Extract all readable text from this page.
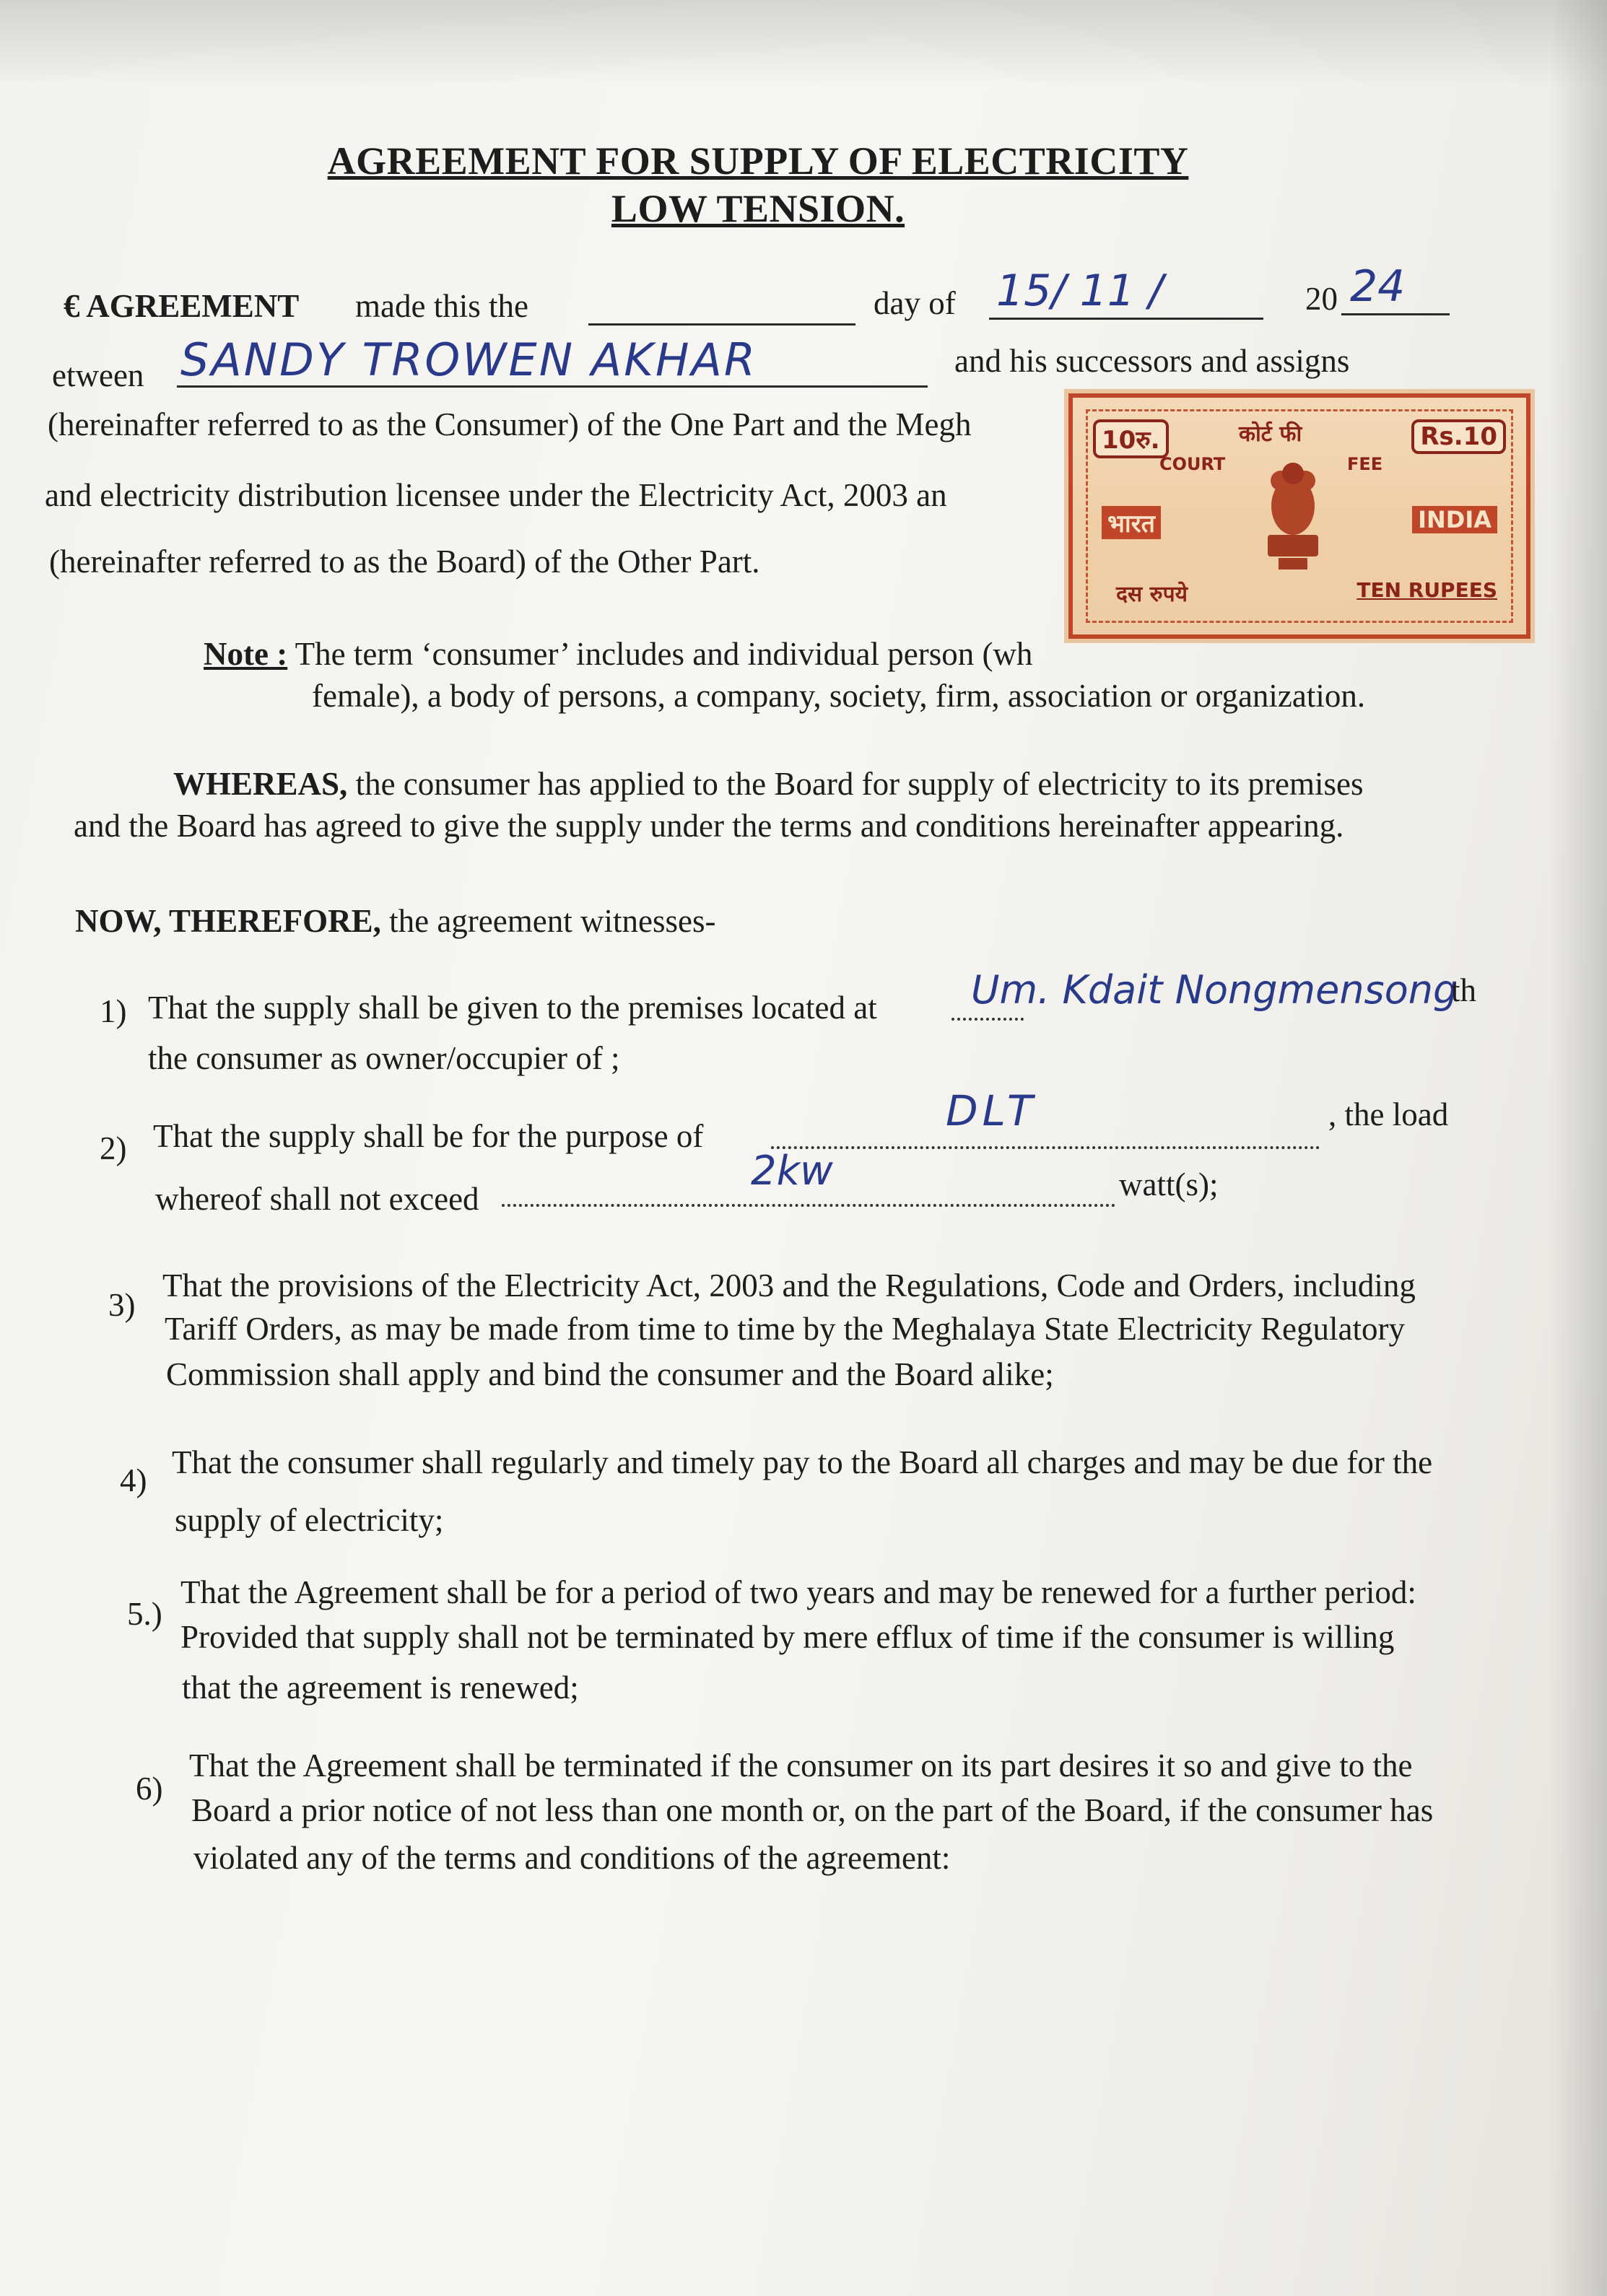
AGREEMENT FOR SUPPLY OF ELECTRICITY
LOW TENSION.
€ AGREEMENT made this the	day of 15/ 11 /	20 24
etween SANDY TROWEN AKHAR	and his successors and assigns
(hereinafter referred to as the Consumer) of the One Part and the Megh
and electricity distribution licensee under the Electricity Act, 2003 an
(hereinafter referred to as the Board) of the Other Part.
10रु.	Rs.10
कोर्ट फी
COURT	FEE
भारत	INDIA
दस रुपये	TEN RUPEES
Note : The term ‘consumer’ includes and individual person (wh
female), a body of persons, a company, society, firm, association or organization.
WHEREAS, the consumer has applied to the Board for supply of electricity to its premises
and the Board has agreed to give the supply under the terms and conditions hereinafter appearing.
NOW, THEREFORE, the agreement witnesses-
1) That the supply shall be given to the premises located at Um. Kdait Nongmensong
th
the consumer as owner/occupier of ;
2) That the supply shall be for the purpose of
DLT	, the load
whereof shall not exceed
2kw	watt(s);
3)
That the provisions of the Electricity Act, 2003 and the Regulations, Code and Orders, including
Tariff Orders, as may be made from time to time by the Meghalaya State Electricity Regulatory
Commission shall apply and bind the consumer and the Board alike;
4) That the consumer shall regularly and timely pay to the Board all charges and may be due for the
supply of electricity;
5.)
That the Agreement shall be for a period of two years and may be renewed for a further period:
Provided that supply shall not be terminated by mere efflux of time if the consumer is willing
that the agreement is renewed;
6)
That the Agreement shall be terminated if the consumer on its part desires it so and give to the
Board a prior notice of not less than one month or, on the part of the Board, if the consumer has
violated any of the terms and conditions of the agreement:
